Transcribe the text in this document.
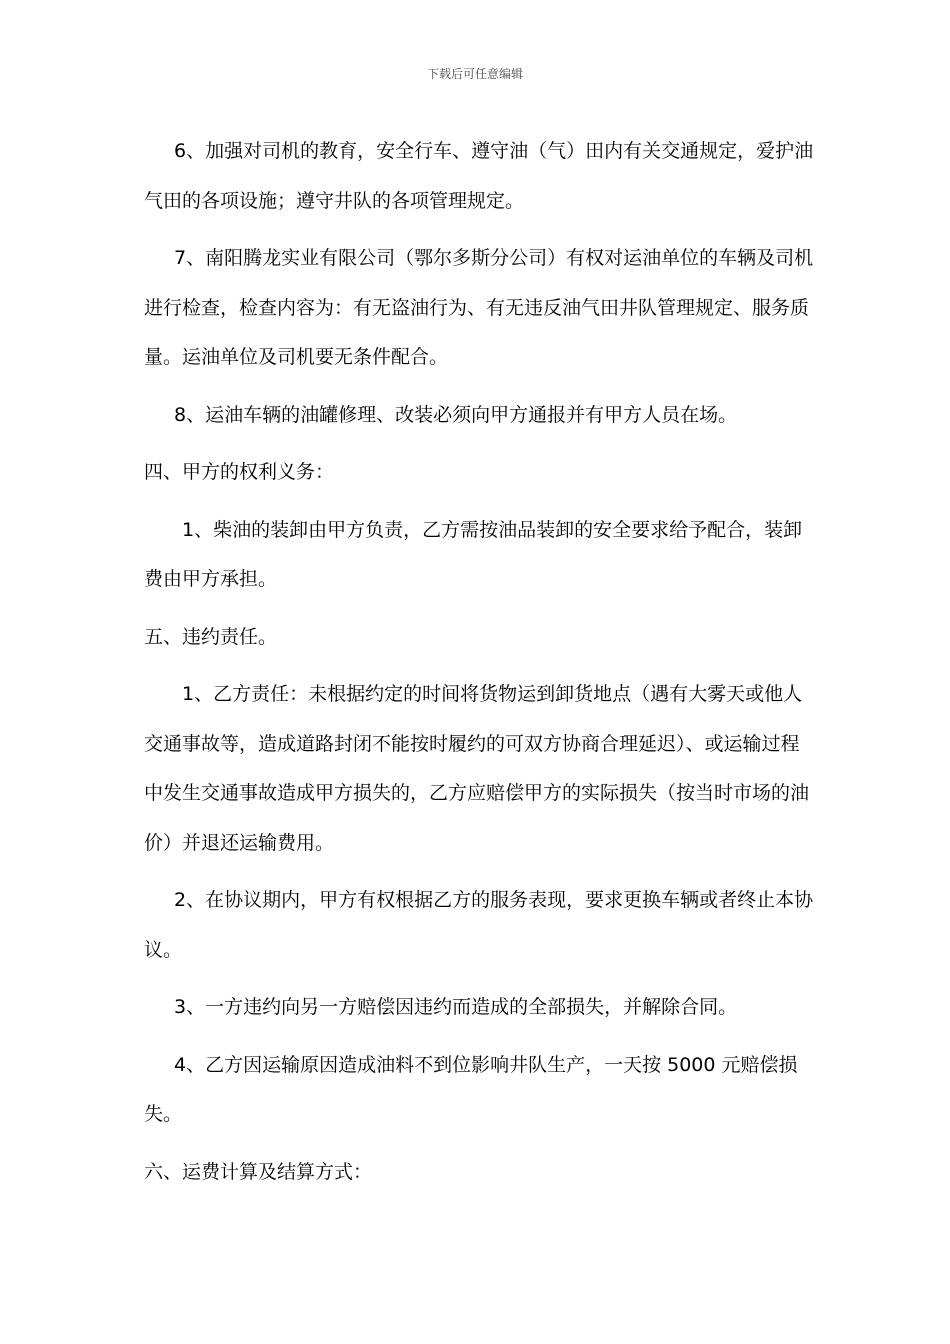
下载后可任意编辑

6、加强对司机的教育，安全行车、遵守油（气）田内有关交通规定，爱护油气田的各项设施；遵守井队的各项管理规定。

7、南阳腾龙实业有限公司（鄂尔多斯分公司）有权对运油单位的车辆及司机进行检查，检查内容为：有无盗油行为、有无违反油气田井队管理规定、服务质量。运油单位及司机要无条件配合。

8、运油车辆的油罐修理、改装必须向甲方通报并有甲方人员在场。

四、甲方的权利义务：

1、柴油的装卸由甲方负责，乙方需按油品装卸的安全要求给予配合，装卸费由甲方承担。

五、违约责任。

1、乙方责任：未根据约定的时间将货物运到卸货地点（遇有大雾天或他人交通事故等，造成道路封闭不能按时履约的可双方协商合理延迟）、或运输过程中发生交通事故造成甲方损失的，乙方应赔偿甲方的实际损失（按当时市场的油价）并退还运输费用。

2、在协议期内，甲方有权根据乙方的服务表现，要求更换车辆或者终止本协议。

3、一方违约向另一方赔偿因违约而造成的全部损失，并解除合同。

4、乙方因运输原因造成油料不到位影响井队生产，一天按 5000 元赔偿损失。

六、运费计算及结算方式：
